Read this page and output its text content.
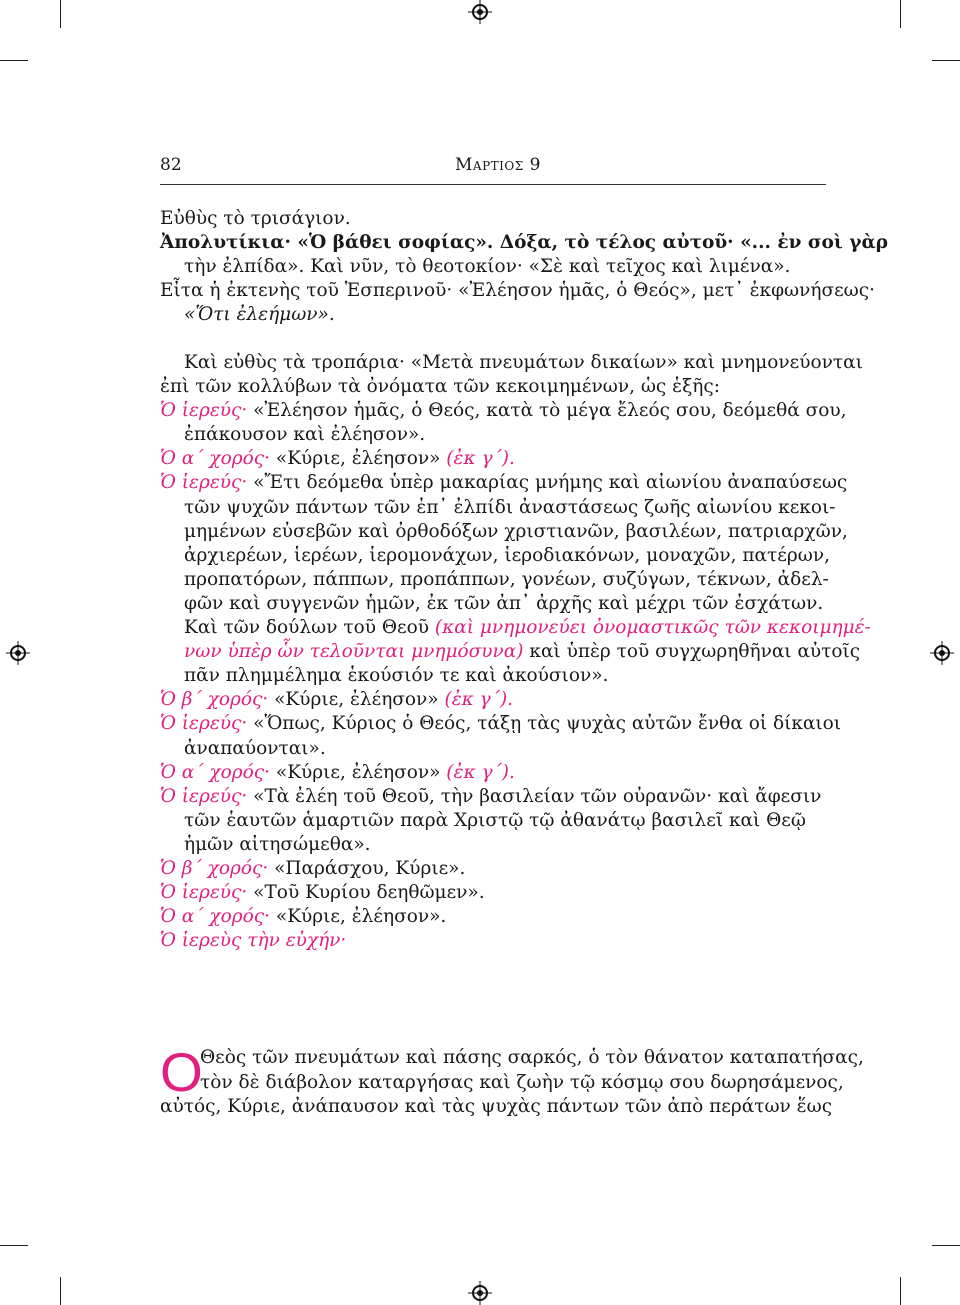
82	Μαρτιος 9
Εὐθὺς τὸ τρισάγιον.
Ἀπολυτίκια· «Ὁ βάθει σοφίας». Δόξα, τὸ τέλος αὐτοῦ· «... ἐν σοὶ γὰρ
τὴν ἐλπίδα». Καὶ νῦν, τὸ θεοτοκίον· «Σὲ καὶ τεῖχος καὶ λιμένα».
Εἶτα ἡ ἐκτενὴς τοῦ Ἑσπερινοῦ· «Ἐλέησον ἡμᾶς, ὁ Θεός», μετ᾽ ἐκφωνήσεως·
«Ὅτι ἐλεήμων».
Καὶ εὐθὺς τὰ τροπάρια· «Μετὰ πνευμάτων δικαίων» καὶ μνημονεύονται
ἐπὶ τῶν κολλύβων τὰ ὀνόματα τῶν κεκοιμημένων, ὡς ἑξῆς:
Ὁ ἱερεύς· «Ἐλέησον ἡμᾶς, ὁ Θεός, κατὰ τὸ μέγα ἔλεός σου, δεόμεθά σου,
ἐπάκουσον καὶ ἐλέησον».
Ὁ α´ χορός· «Κύριε, ἐλέησον» (ἐκ γ´).
Ὁ ἱερεύς· «Ἔτι δεόμεθα ὑπὲρ μακαρίας μνήμης καὶ αἰωνίου ἀναπαύσεως
τῶν ψυχῶν πάντων τῶν ἐπ᾽ ἐλπίδι ἀναστάσεως ζωῆς αἰωνίου κεκοι-
μημένων εὐσεβῶν καὶ ὀρθοδόξων χριστιανῶν, βασιλέων, πατριαρχῶν,
ἀρχιερέων, ἱερέων, ἱερομονάχων, ἱεροδιακόνων, μοναχῶν, πατέρων,
προπατόρων, πάππων, προπάππων, γονέων, συζύγων, τέκνων, ἀδελ-
φῶν καὶ συγγενῶν ἡμῶν, ἐκ τῶν ἀπ᾽ ἀρχῆς καὶ μέχρι τῶν ἐσχάτων.
Καὶ τῶν δούλων τοῦ Θεοῦ (καὶ μνημονεύει ὀνομαστικῶς τῶν κεκοιμημέ-
νων ὑπὲρ ὧν τελοῦνται μνημόσυνα) καὶ ὑπὲρ τοῦ συγχωρηθῆναι αὐτοῖς
πᾶν πλημμέλημα ἑκούσιόν τε καὶ ἀκούσιον».
Ὁ β´ χορός· «Κύριε, ἐλέησον» (ἐκ γ´).
Ὁ ἱερεύς· «Ὅπως, Κύριος ὁ Θεός, τάξῃ τὰς ψυχὰς αὐτῶν ἔνθα οἱ δίκαιοι
ἀναπαύονται».
Ὁ α´ χορός· «Κύριε, ἐλέησον» (ἐκ γ´).
Ὁ ἱερεύς· «Τὰ ἐλέη τοῦ Θεοῦ, τὴν βασιλείαν τῶν οὐρανῶν· καὶ ἄφεσιν
τῶν ἑαυτῶν ἁμαρτιῶν παρὰ Χριστῷ τῷ ἀθανάτῳ βασιλεῖ καὶ Θεῷ
ἡμῶν αἰτησώμεθα».
Ὁ β´ χορός· «Παράσχου, Κύριε».
Ὁ ἱερεύς· «Τοῦ Κυρίου δεηθῶμεν».
Ὁ α´ χορός· «Κύριε, ἐλέησον».
Ὁ ἱερεὺς τὴν εὐχήν·
Ο
Θεὸς τῶν πνευμάτων καὶ πάσης σαρκός, ὁ τὸν θάνατον καταπατήσας,
τὸν δὲ διάβολον καταργήσας καὶ ζωὴν τῷ κόσμῳ σου δωρησάμενος,
αὐτός, Κύριε, ἀνάπαυσον καὶ τὰς ψυχὰς πάντων τῶν ἀπὸ περάτων ἕως
